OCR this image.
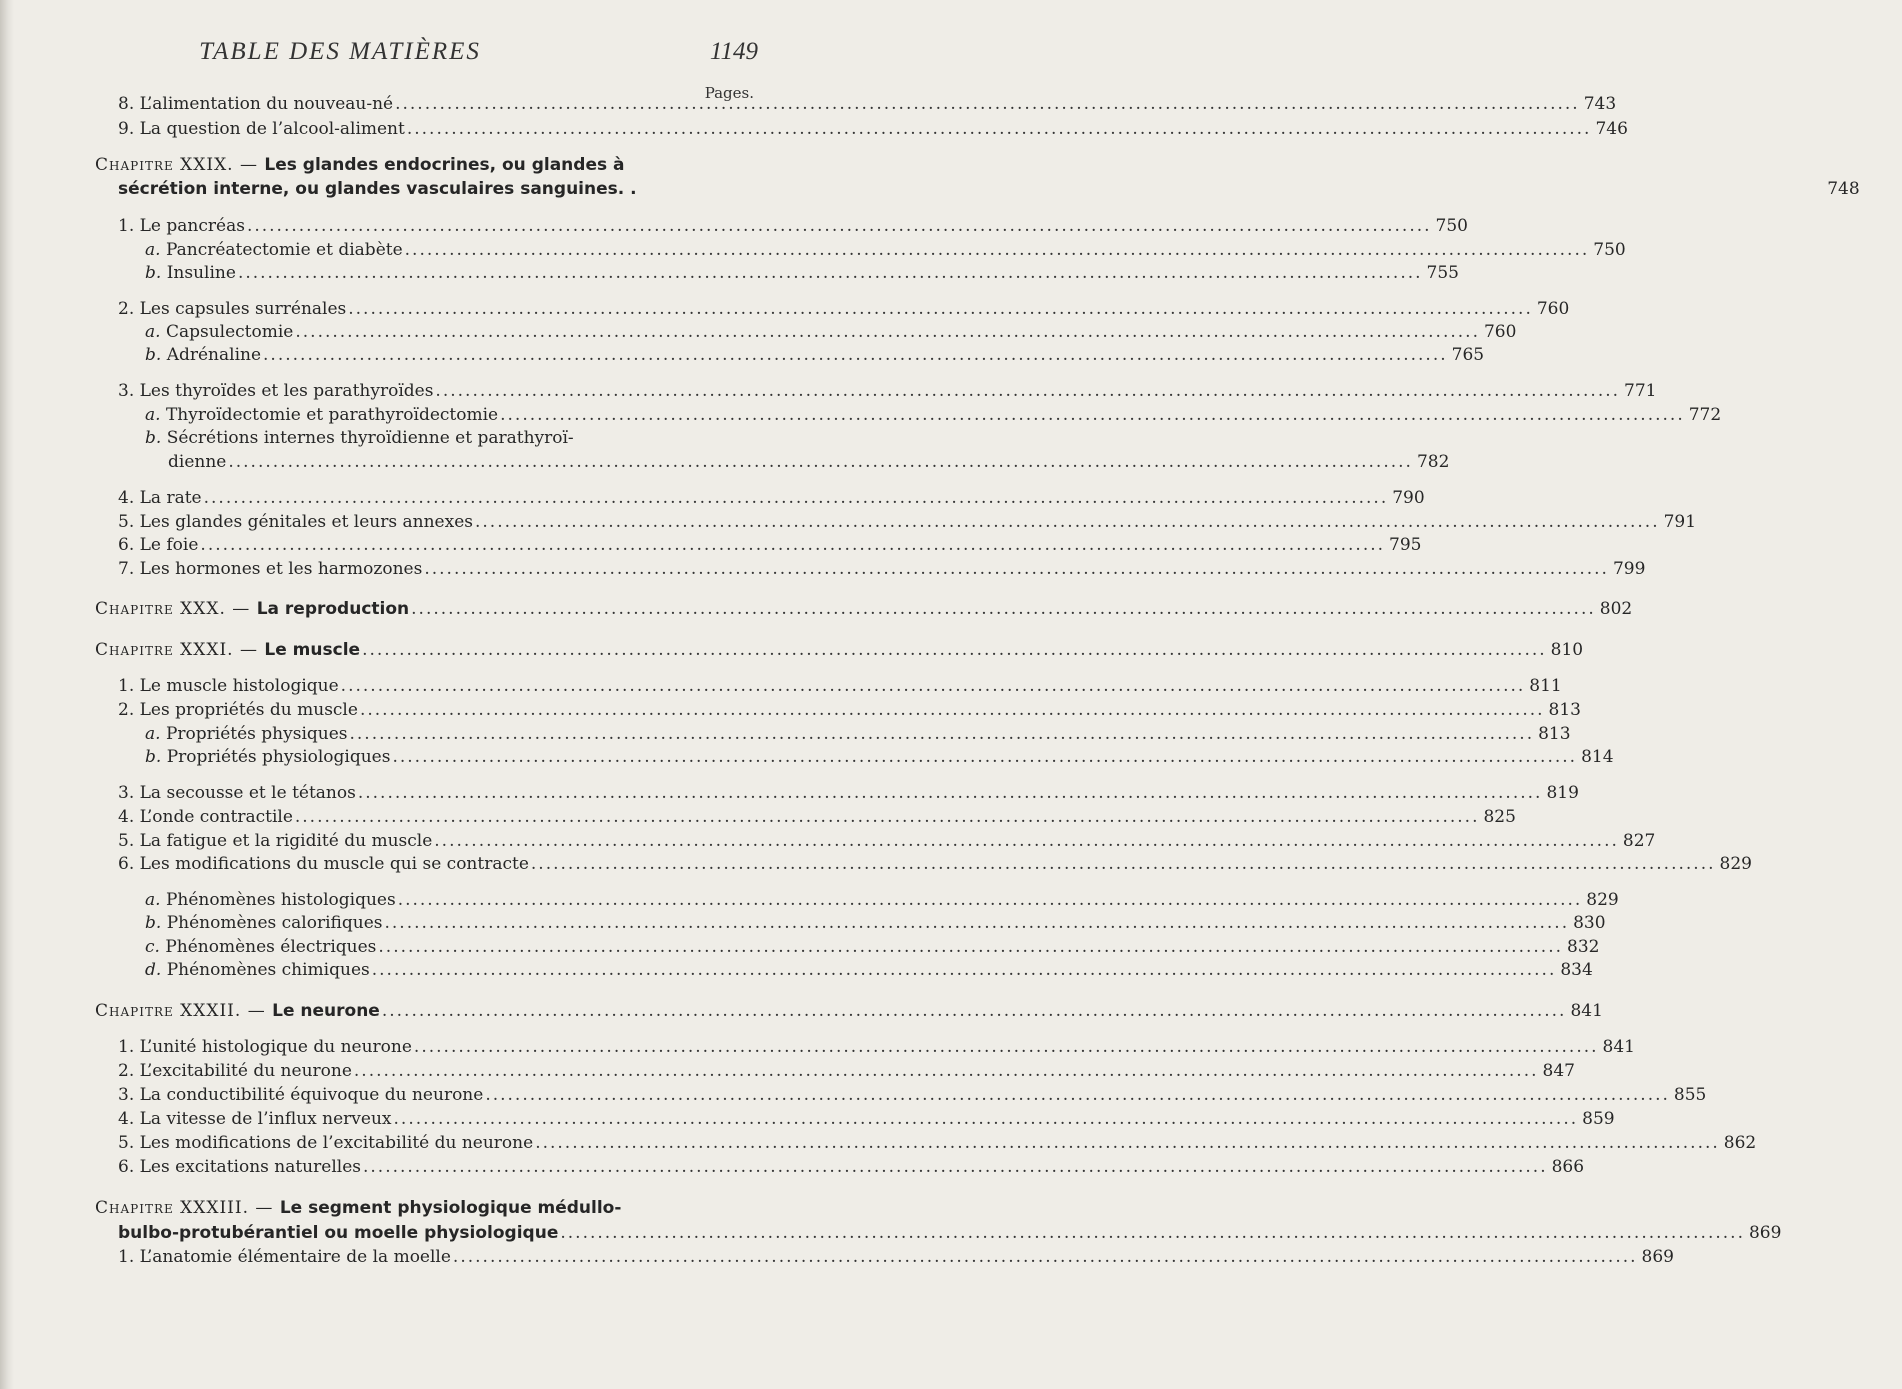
TABLE DES MATIÈRES	1149
Pages.
8. L’alimentation du nouveau-né .....	743
9. La question de l’alcool-aliment .....	746
Chapitre XXIX. — Les glandes endocrines, ou glandes à
sécrétion interne, ou glandes vasculaires sanguines. .	748
1. Le pancréas .....	750
a. Pancréatectomie et diabète .....	750
b. Insuline .....	755
2. Les capsules surrénales .....	760
a. Capsulectomie .....	760
b. Adrénaline .....	765
3. Les thyroïdes et les parathyroïdes .....	771
a. Thyroïdectomie et parathyroïdectomie .....	772
b. Sécrétions internes thyroïdienne et parathyroï-
dienne .....	782
4. La rate .....	790
5. Les glandes génitales et leurs annexes .....	791
6. Le foie .....	795
7. Les hormones et les harmozones .....	799
Chapitre XXX. — La reproduction .....	802
Chapitre XXXI. — Le muscle .....	810
1. Le muscle histologique .....	811
2. Les propriétés du muscle .....	813
a. Propriétés physiques .....	813
b. Propriétés physiologiques .....	814
3. La secousse et le tétanos .....	819
4. L’onde contractile .....	825
5. La fatigue et la rigidité du muscle .....	827
6. Les modifications du muscle qui se contracte .....	829
a. Phénomènes histologiques .....	829
b. Phénomènes calorifiques .....	830
c. Phénomènes électriques .....	832
d. Phénomènes chimiques .....	834
Chapitre XXXII. — Le neurone .....	841
1. L’unité histologique du neurone .....	841
2. L’excitabilité du neurone .....	847
3. La conductibilité équivoque du neurone .....	855
4. La vitesse de l’influx nerveux .....	859
5. Les modifications de l’excitabilité du neurone .....	862
6. Les excitations naturelles .....	866
Chapitre XXXIII. — Le segment physiologique médullo-
bulbo-protubérantiel ou moelle physiologique .....	869
1. L’anatomie élémentaire de la moelle .....	869
